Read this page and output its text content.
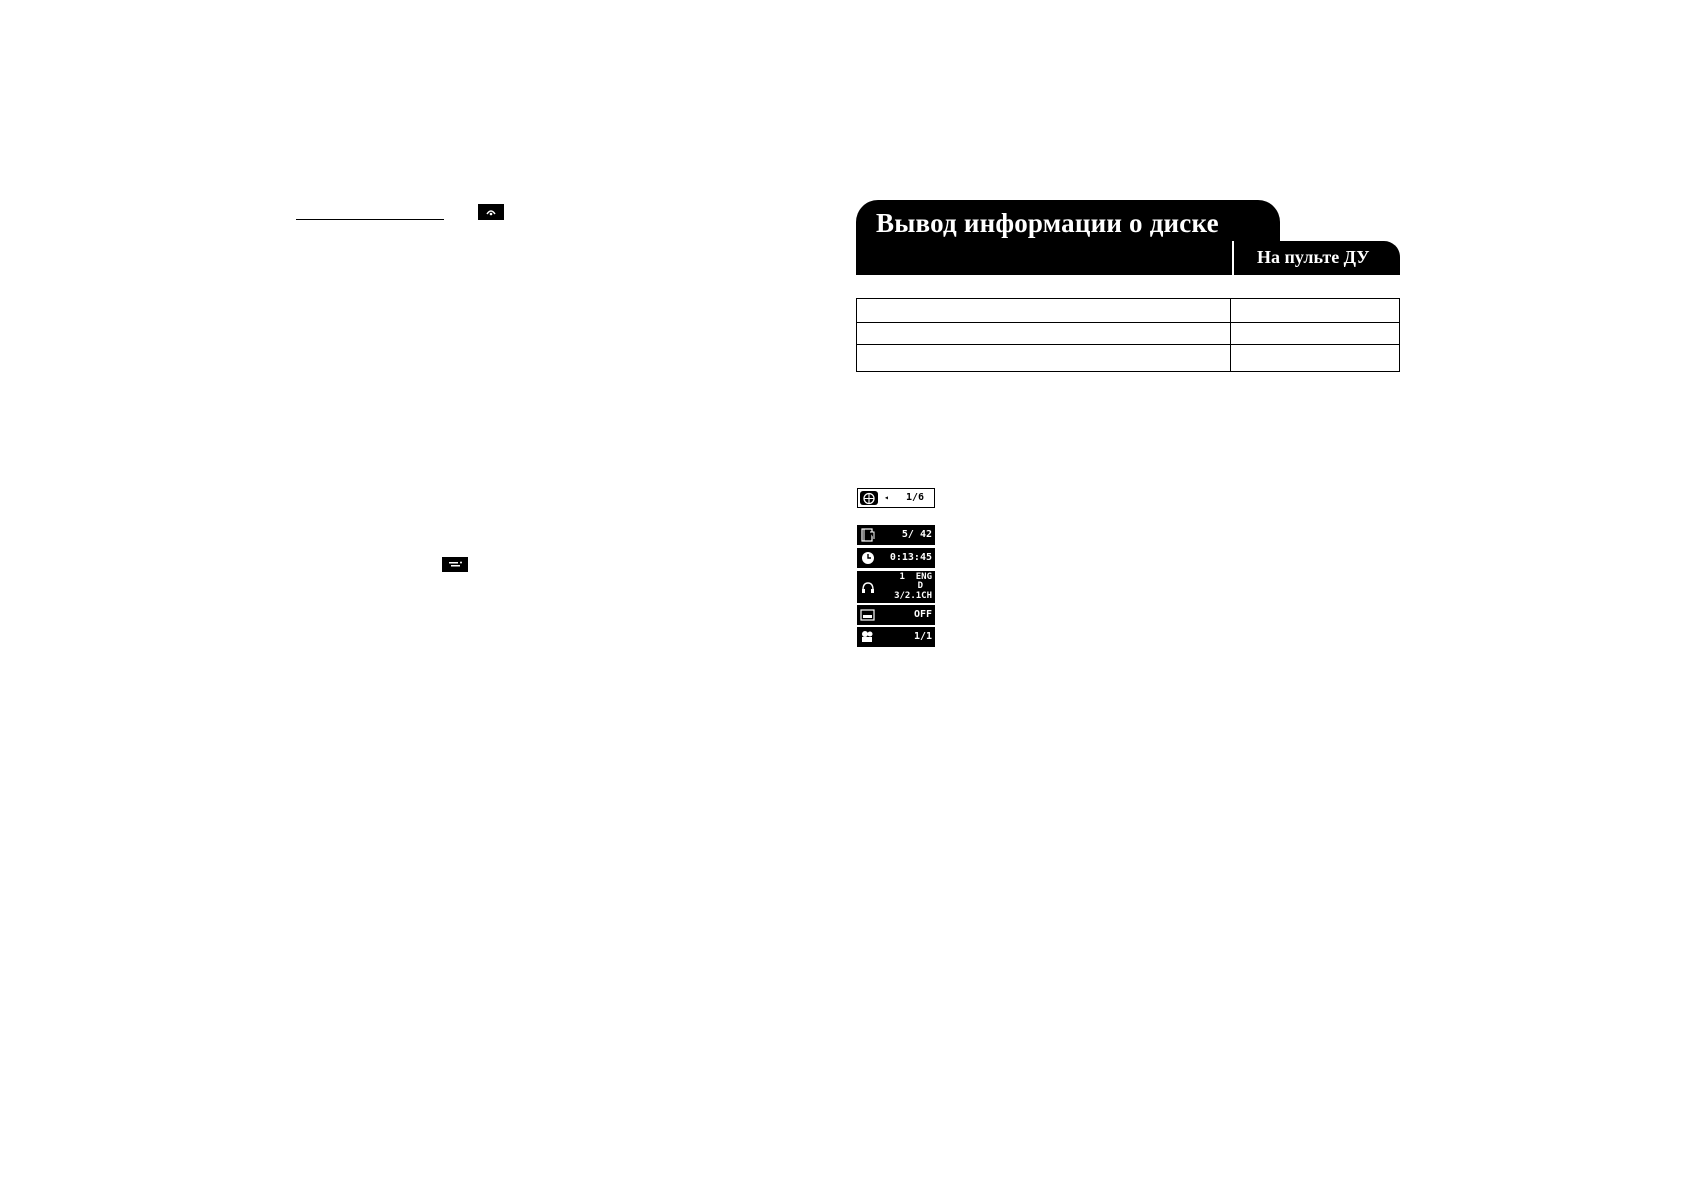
Вывод информации о диске
На пульте ДУ

◂ 1/6
5/ 42
0:13:45
1  ENG
D
3/2.1CH
OFF
1/1
